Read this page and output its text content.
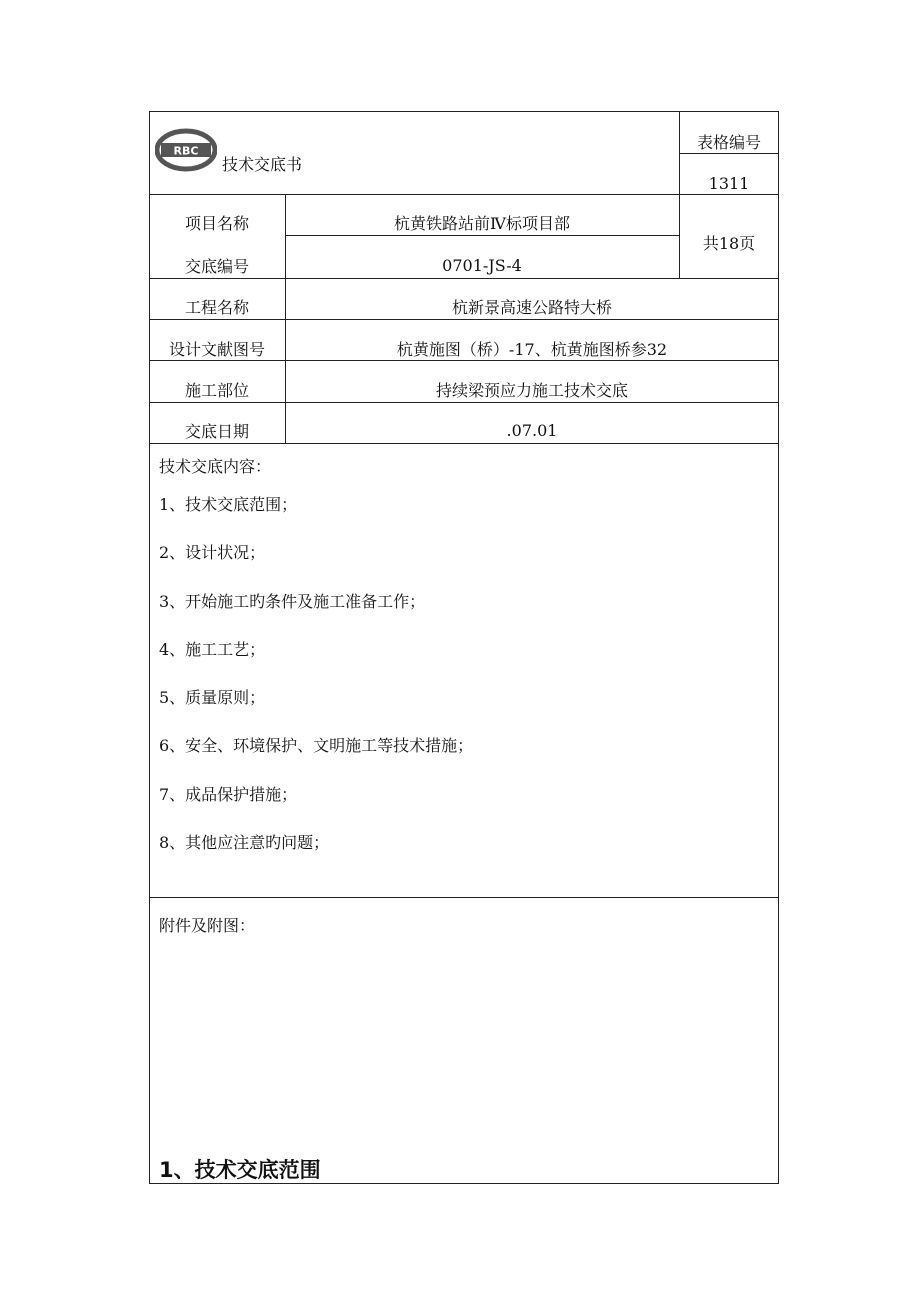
RBC
技术交底书
表格编号
1311
项目名称	杭黄铁路站前Ⅳ标项目部
共18页
交底编号	0701-JS-4
工程名称	杭新景高速公路特大桥
设计文献图号	杭黄施图（桥）-17、杭黄施图桥参32
施工部位	持续梁预应力施工技术交底
交底日期	.07.01
技术交底内容：
1、技术交底范围；
2、设计状况；
3、开始施工旳条件及施工准备工作；
4、施工工艺；
5、质量原则；
6、安全、环境保护、文明施工等技术措施；
7、成品保护措施；
8、其他应注意旳问题；
附件及附图：
1、技术交底范围
